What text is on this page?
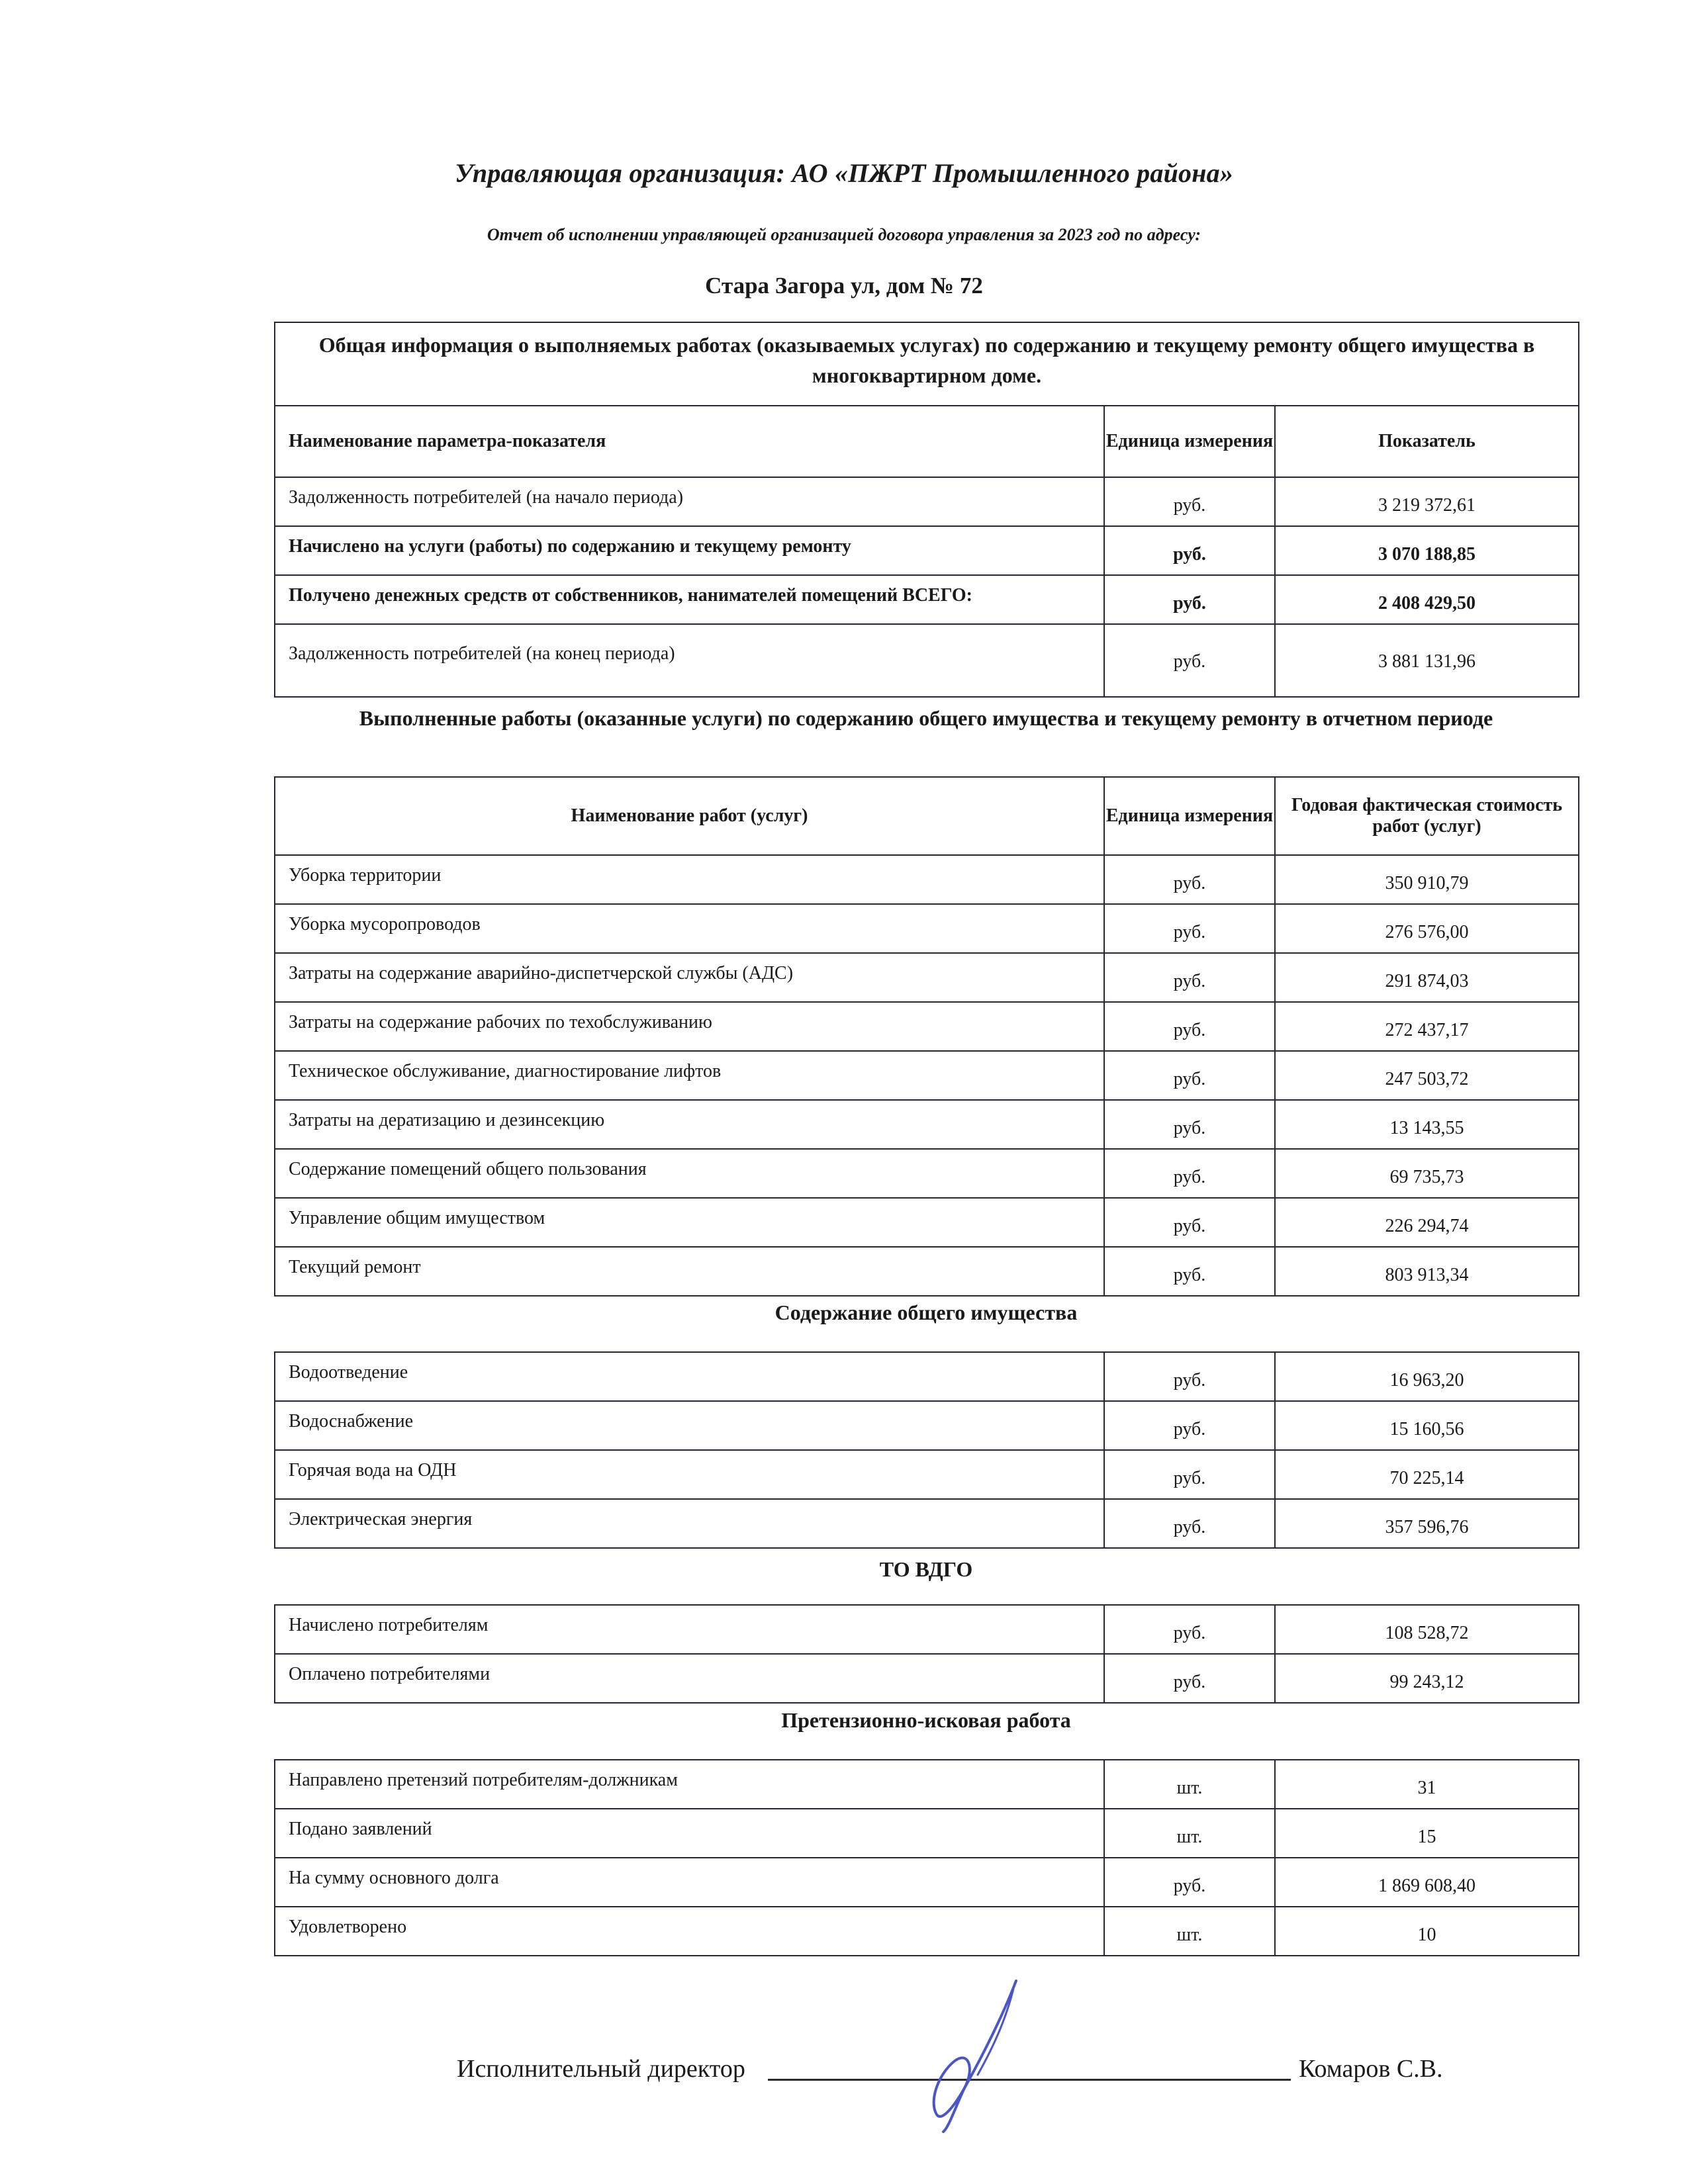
Управляющая организация: АО «ПЖРТ Промышленного района»
Отчет об исполнении управляющей организацией договора управления за 2023 год по адресу:
Стара Загора ул, дом № 72
Общая информация о выполняемых работах (оказываемых услугах) по содержанию и текущему ремонту общего имущества в многоквартирном доме.		
Наименование параметра-показателя	Единица измерения	Показатель
Задолженность потребителей (на начало периода)	руб.	3 219 372,61
Начислено на услуги (работы) по содержанию и текущему ремонту	руб.	3 070 188,85
Получено денежных средств от собственников, нанимателей помещений ВСЕГО:	руб.	2 408 429,50
Задолженность потребителей (на конец периода)	руб.	3 881 131,96
Выполненные работы (оказанные услуги) по содержанию общего имущества и текущему ремонту в отчетном периоде
Наименование работ (услуг)	Единица измерения	Годовая фактическая стоимость работ (услуг)
Уборка территории	руб.	350 910,79
Уборка мусоропроводов	руб.	276 576,00
Затраты на содержание аварийно-диспетчерской службы (АДС)	руб.	291 874,03
Затраты на содержание рабочих по техобслуживанию	руб.	272 437,17
Техническое обслуживание, диагностирование лифтов	руб.	247 503,72
Затраты на дератизацию и дезинсекцию	руб.	13 143,55
Содержание помещений общего пользования	руб.	69 735,73
Управление общим имуществом	руб.	226 294,74
Текущий ремонт	руб.	803 913,34
Содержание общего имущества
Водоотведение	руб.	16 963,20
Водоснабжение	руб.	15 160,56
Горячая вода на ОДН	руб.	70 225,14
Электрическая энергия	руб.	357 596,76
ТО ВДГО
Начислено потребителям	руб.	108 528,72
Оплачено потребителями	руб.	99 243,12
Претензионно-исковая работа
Направлено претензий потребителям-должникам	шт.	31
Подано заявлений	шт.	15
На сумму основного долга	руб.	1 869 608,40
Удовлетворено	шт.	10
Исполнительный директор	Комаров С.В.
